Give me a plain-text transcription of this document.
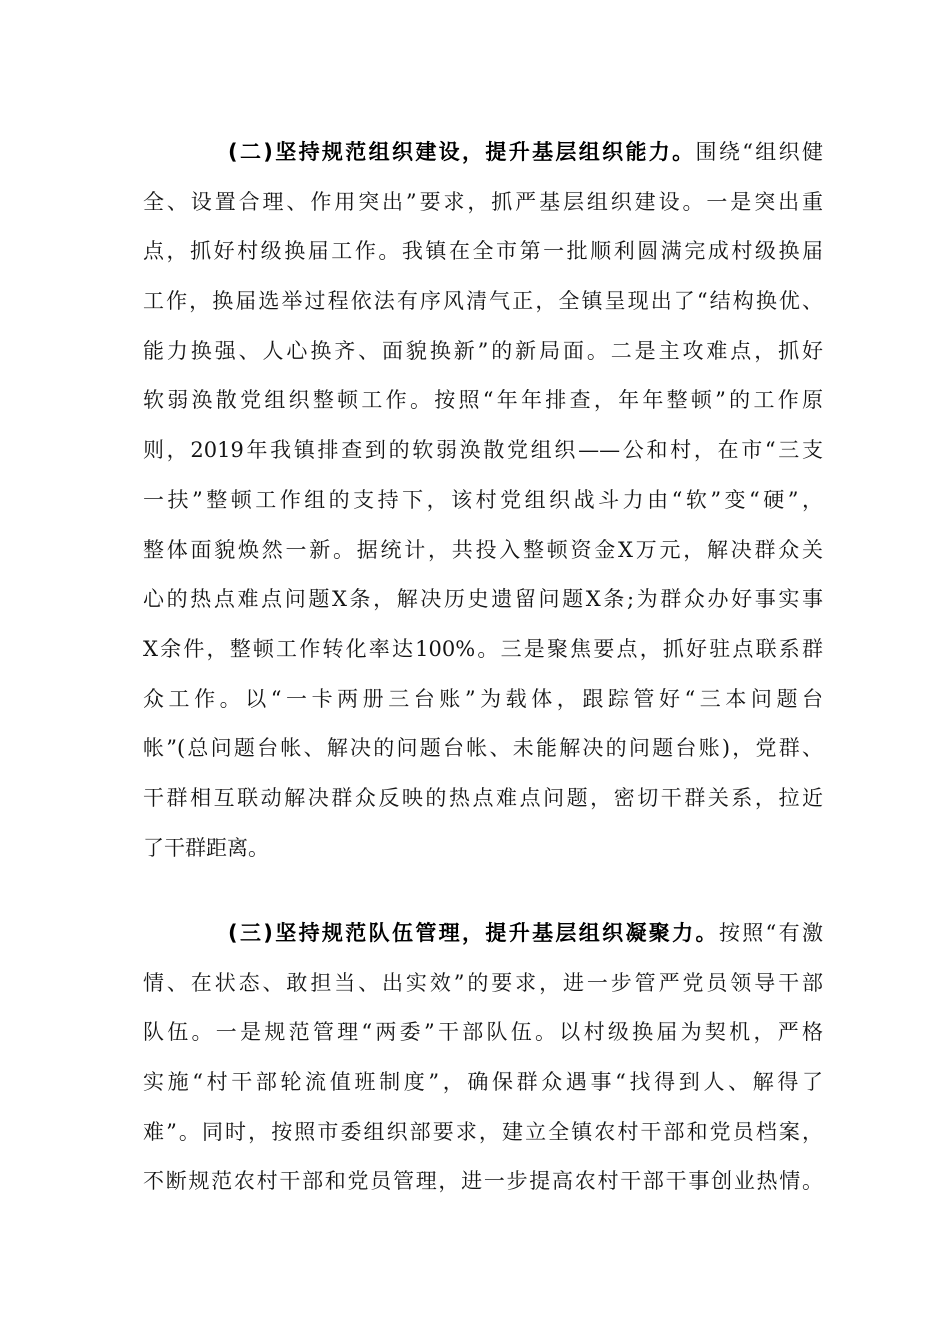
(二)坚持规范组织建设，提升基层组织能力。围绕“组织健
全、设置合理、作用突出”要求，抓严基层组织建设。一是突出重
点，抓好村级换届工作。我镇在全市第一批顺利圆满完成村级换届
工作，换届选举过程依法有序风清气正，全镇呈现出了“结构换优、
能力换强、人心换齐、面貌换新”的新局面。二是主攻难点，抓好
软弱涣散党组织整顿工作。按照“年年排查，年年整顿”的工作原
则，2019年我镇排查到的软弱涣散党组织——公和村，在市“三支
一扶”整顿工作组的支持下，该村党组织战斗力由“软”变“硬”，
整体面貌焕然一新。据统计，共投入整顿资金X万元，解决群众关
心的热点难点问题X条，解决历史遗留问题X条;为群众办好事实事
X余件，整顿工作转化率达100%。三是聚焦要点，抓好驻点联系群
众工作。以“一卡两册三台账”为载体，跟踪管好“三本问题台
帐”(总问题台帐、解决的问题台帐、未能解决的问题台账)，党群、
干群相互联动解决群众反映的热点难点问题，密切干群关系，拉近
了干群距离。
(三)坚持规范队伍管理，提升基层组织凝聚力。按照“有激
情、在状态、敢担当、出实效”的要求，进一步管严党员领导干部
队伍。一是规范管理“两委”干部队伍。以村级换届为契机，严格
实施“村干部轮流值班制度”，确保群众遇事“找得到人、解得了
难”。同时，按照市委组织部要求，建立全镇农村干部和党员档案，
不断规范农村干部和党员管理，进一步提高农村干部干事创业热情。
